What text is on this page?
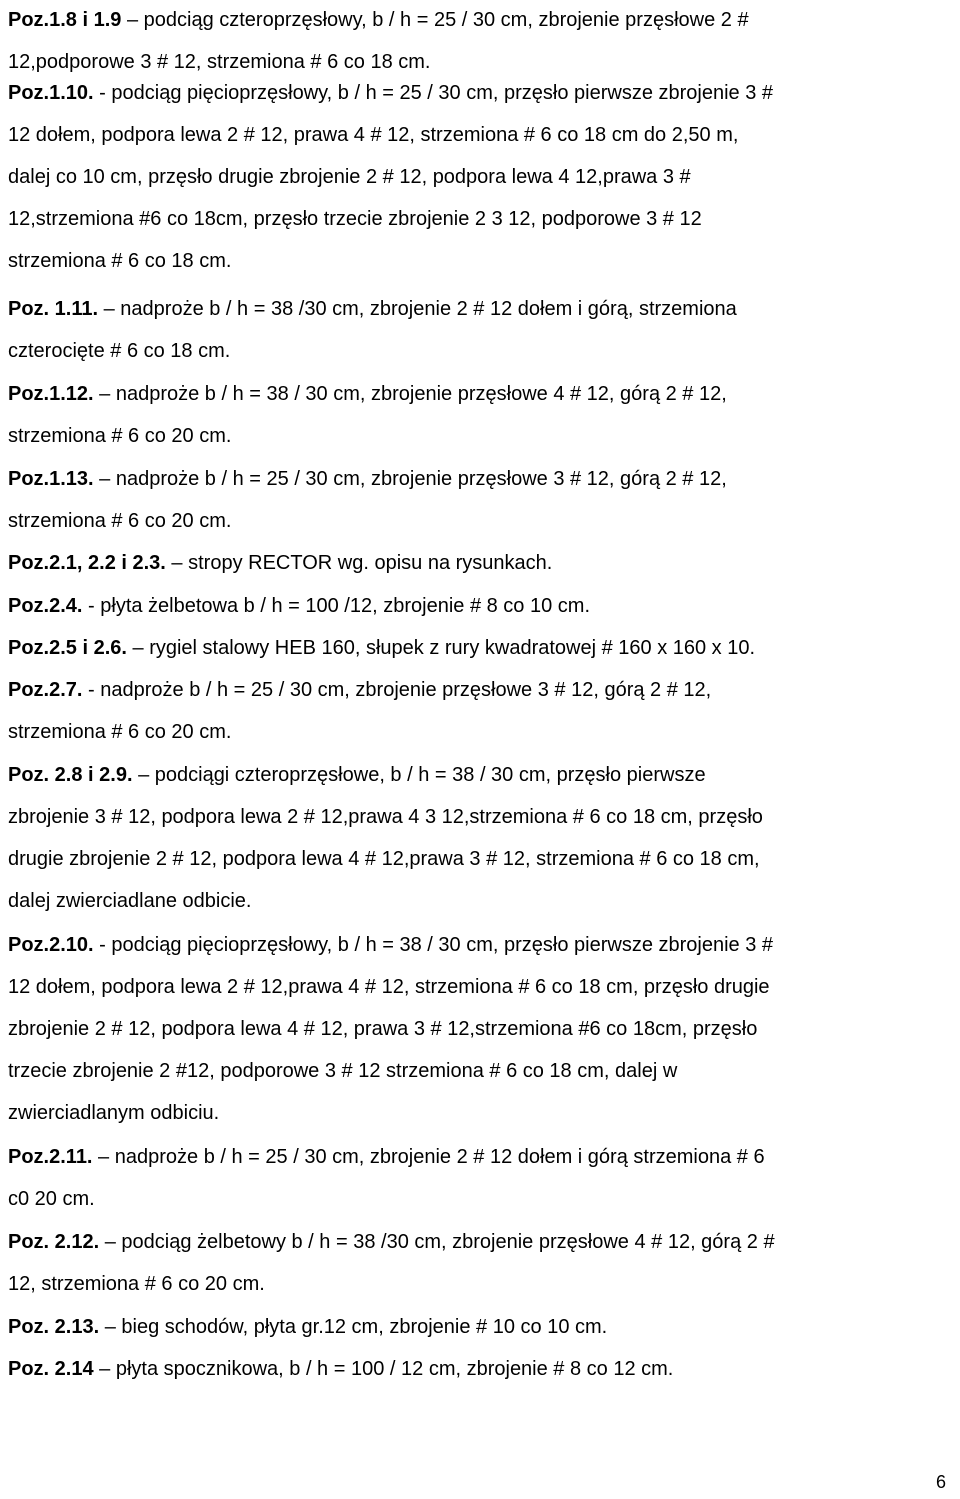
Poz.1.8 i 1.9 – podciąg czteroprzęsłowy, b / h = 25 / 30 cm, zbrojenie przęsłowe 2 #
12,podporowe 3 # 12, strzemiona # 6 co 18 cm.
Poz.1.10. - podciąg pięcioprzęsłowy, b / h = 25 / 30 cm, przęsło pierwsze zbrojenie 3 #
12 dołem, podpora lewa 2 # 12, prawa 4 # 12, strzemiona # 6 co 18 cm do 2,50 m,
dalej co 10 cm, przęsło drugie zbrojenie 2 # 12, podpora lewa 4 12,prawa 3 #
12,strzemiona #6 co 18cm, przęsło trzecie zbrojenie 2 3 12, podporowe 3 # 12
strzemiona # 6 co 18 cm.
Poz. 1.11. – nadproże b / h = 38 /30 cm, zbrojenie 2 # 12 dołem i górą, strzemiona
czterocięte # 6 co 18 cm.
Poz.1.12. – nadproże b / h = 38 / 30 cm, zbrojenie przęsłowe 4 # 12, górą 2 # 12,
strzemiona # 6 co 20 cm.
Poz.1.13. – nadproże b / h = 25 / 30 cm, zbrojenie przęsłowe 3 # 12, górą 2 # 12,
strzemiona # 6 co 20 cm.
Poz.2.1, 2.2 i 2.3. – stropy RECTOR wg. opisu na rysunkach.
Poz.2.4. - płyta żelbetowa b / h = 100 /12, zbrojenie # 8 co 10 cm.
Poz.2.5 i 2.6. – rygiel stalowy HEB 160, słupek z rury kwadratowej # 160 x 160 x 10.
Poz.2.7. - nadproże b / h = 25 / 30 cm, zbrojenie przęsłowe 3 # 12, górą 2 # 12,
strzemiona # 6 co 20 cm.
Poz. 2.8 i 2.9. – podciągi czteroprzęsłowe, b / h = 38 / 30 cm, przęsło pierwsze
zbrojenie 3 # 12, podpora lewa 2 # 12,prawa 4 3 12,strzemiona # 6 co 18 cm, przęsło
drugie zbrojenie 2 # 12, podpora lewa 4 # 12,prawa 3 # 12, strzemiona # 6 co 18 cm,
dalej zwierciadlane odbicie.
Poz.2.10. - podciąg pięcioprzęsłowy, b / h = 38 / 30 cm, przęsło pierwsze zbrojenie 3 #
12 dołem, podpora lewa 2 # 12,prawa 4 # 12, strzemiona # 6 co 18 cm, przęsło drugie
zbrojenie 2 # 12, podpora lewa 4 # 12, prawa 3 # 12,strzemiona #6 co 18cm, przęsło
trzecie zbrojenie 2 #12, podporowe 3 # 12 strzemiona # 6 co 18 cm, dalej w
zwierciadlanym odbiciu.
Poz.2.11. – nadproże b / h = 25 / 30 cm, zbrojenie 2 # 12 dołem i górą strzemiona # 6
c0 20 cm.
Poz. 2.12. – podciąg żelbetowy b / h = 38 /30 cm, zbrojenie przęsłowe 4 # 12, górą 2 #
12, strzemiona # 6 co 20 cm.
Poz. 2.13. – bieg schodów, płyta gr.12 cm, zbrojenie # 10 co 10 cm.
Poz. 2.14 – płyta spocznikowa, b / h = 100 / 12 cm, zbrojenie # 8 co 12 cm.
6
